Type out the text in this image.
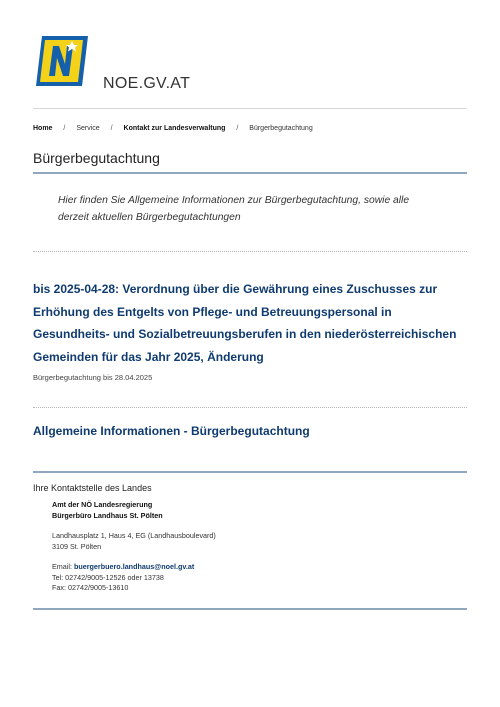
NOE.GV.AT
Home / Service / Kontakt zur Landesverwaltung / Bürgerbegutachtung
Bürgerbegutachtung

Hier finden Sie Allgemeine Informationen zur Bürgerbegutachtung, sowie alle derzeit aktuellen Bürgerbegutachtungen

bis 2025-04-28: Verordnung über die Gewährung eines Zuschusses zur Erhöhung des Entgelts von Pflege- und Betreuungspersonal in Gesundheits- und Sozialbetreuungsberufen in den niederösterreichischen Gemeinden für das Jahr 2025, Änderung
Bürgerbegutachtung bis 28.04.2025
Allgemeine Informationen - Bürgerbegutachtung
Ihre Kontaktstelle des Landes
Amt der NÖ Landesregierung
Bürgerbüro Landhaus St. Pölten
Landhausplatz 1, Haus 4, EG (Landhausboulevard)
3109 St. Pölten
Email: buergerbuero.landhaus@noel.gv.at
Tel: 02742/9005-12526 oder 13738
Fax: 02742/9005-13610
